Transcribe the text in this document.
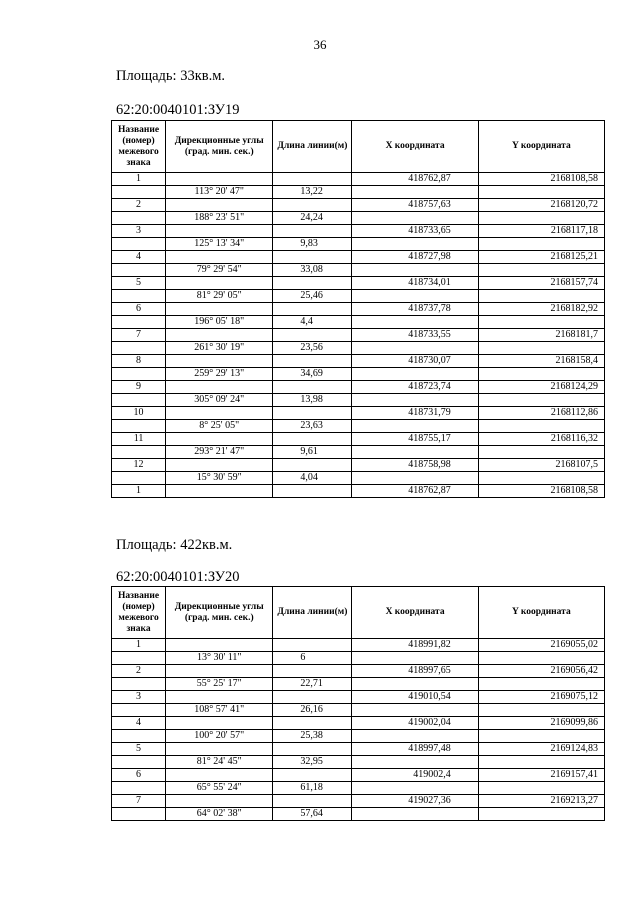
36
Площадь: 33кв.м.
62:20:0040101:ЗУ19
Название (номер) межевого знака	Дирекционные углы (град. мин. сек.)	Длина линии(м)	X координата	Y координата
1			418762,87	2168108,58
	113° 20' 47"	13,22		
2			418757,63	2168120,72
	188° 23' 51"	24,24		
3			418733,65	2168117,18
	125° 13' 34"	9,83		
4			418727,98	2168125,21
	79° 29' 54"	33,08		
5			418734,01	2168157,74
	81° 29' 05"	25,46		
6			418737,78	2168182,92
	196° 05' 18"	4,4		
7			418733,55	2168181,7
	261° 30' 19"	23,56		
8			418730,07	2168158,4
	259° 29' 13"	34,69		
9			418723,74	2168124,29
	305° 09' 24"	13,98		
10			418731,79	2168112,86
	8° 25' 05"	23,63		
11			418755,17	2168116,32
	293° 21' 47"	9,61		
12			418758,98	2168107,5
	15° 30' 59"	4,04		
1			418762,87	2168108,58
Площадь: 422кв.м.
62:20:0040101:ЗУ20
Название (номер) межевого знака	Дирекционные углы (град. мин. сек.)	Длина линии(м)	X координата	Y координата
1			418991,82	2169055,02
	13° 30' 11"	6		
2			418997,65	2169056,42
	55° 25' 17"	22,71		
3			419010,54	2169075,12
	108° 57' 41"	26,16		
4			419002,04	2169099,86
	100° 20' 57"	25,38		
5			418997,48	2169124,83
	81° 24' 45"	32,95		
6			419002,4	2169157,41
	65° 55' 24"	61,18		
7			419027,36	2169213,27
	64° 02' 38"	57,64		
